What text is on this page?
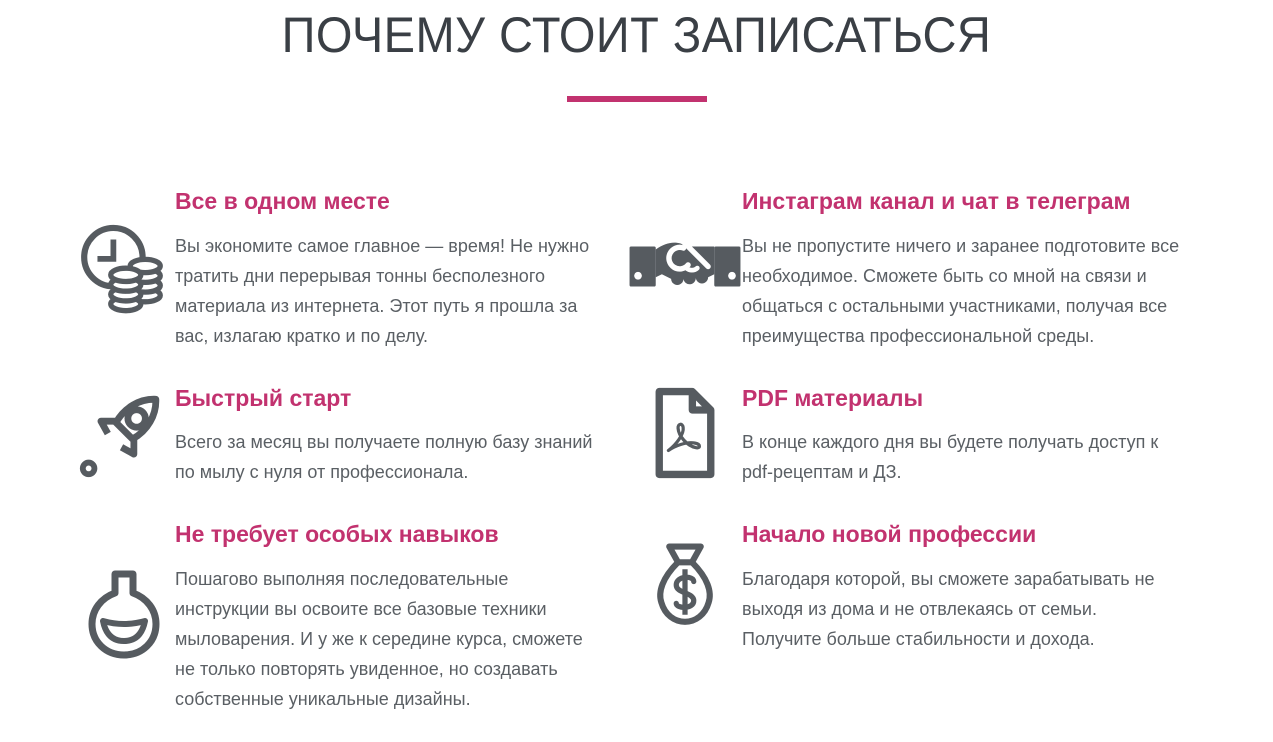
ПОЧЕМУ СТОИТ ЗАПИСАТЬСЯ
Все в одном месте

Вы экономите самое главное — время! Не нужно тратить дни перерывая тонны бесполезного материала из интернета. Этот путь я прошла за вас, излагаю кратко и по делу.

Быстрый старт

Всего за месяц вы получаете полную базу знаний по мылу с нуля от профессионала.

Не требует особых навыков

Пошагово выполняя последовательные инструкции вы освоите все базовые техники мыловарения. И у же к середине курса, сможете не только повторять увиденное, но создавать собственные уникальные дизайны.

Инстаграм канал и чат в телеграм

Вы не пропустите ничего и заранее подготовите все необходимое. Сможете быть со мной на связи и общаться с остальными участниками, получая все преимущества профессиональной среды.

PDF материалы

В конце каждого дня вы будете получать доступ к pdf-рецептам и ДЗ.

Начало новой профессии

Благодаря которой, вы сможете зарабатывать не выходя из дома и не отвлекаясь от семьи. Получите больше стабильности и дохода.
